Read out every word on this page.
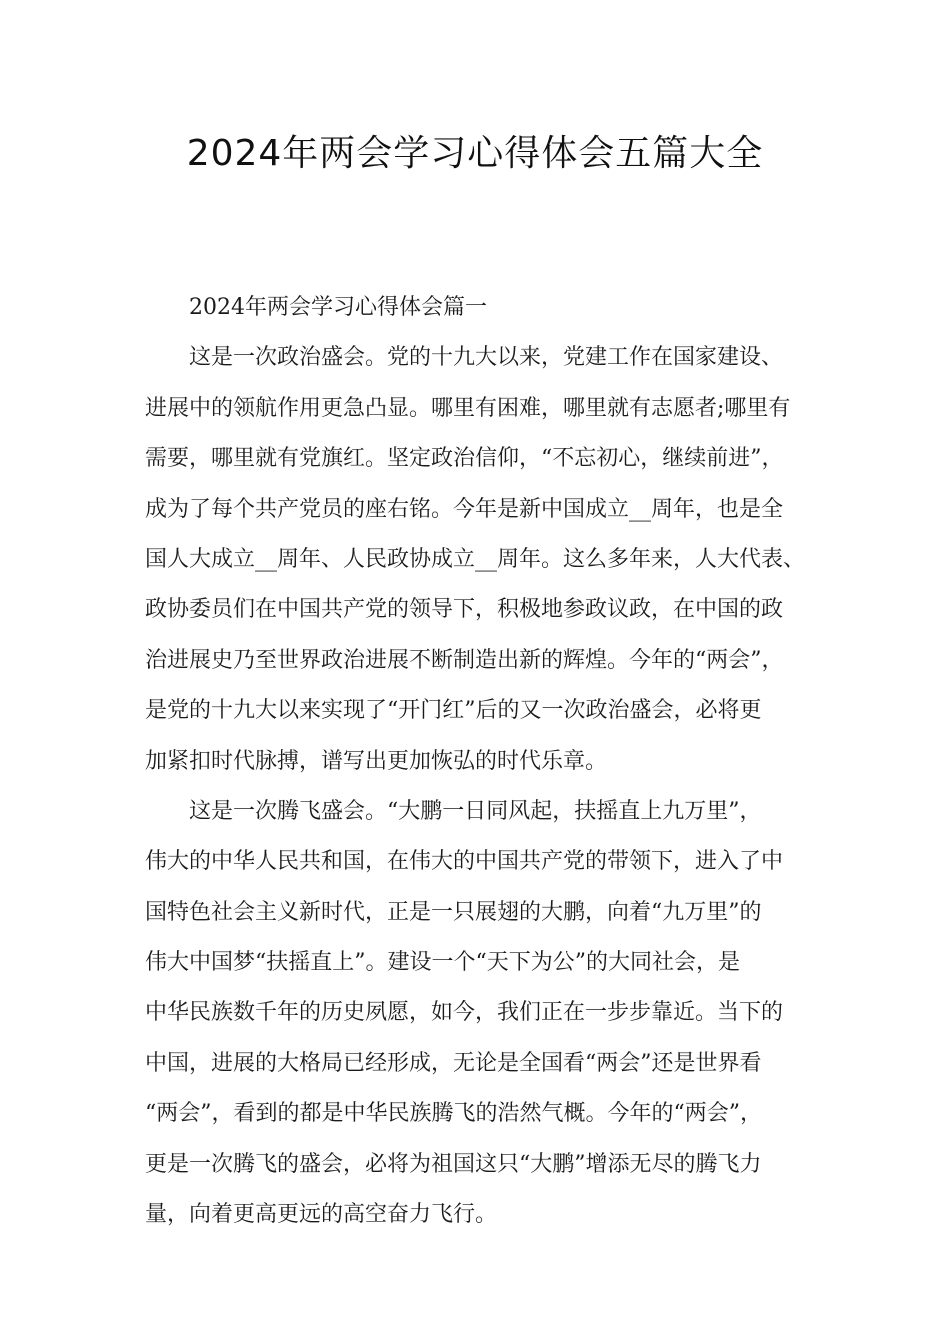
2024年两会学习心得体会五篇大全
2024年两会学习心得体会篇一
这是一次政治盛会。党的十九大以来，党建工作在国家建设、
进展中的领航作用更急凸显。哪里有困难，哪里就有志愿者;哪里有
需要，哪里就有党旗红。坚定政治信仰，“不忘初心，继续前进”，
成为了每个共产党员的座右铭。今年是新中国成立__周年，也是全
国人大成立__周年、人民政协成立__周年。这么多年来，人大代表、
政协委员们在中国共产党的领导下，积极地参政议政，在中国的政
治进展史乃至世界政治进展不断制造出新的辉煌。今年的“两会”，
是党的十九大以来实现了“开门红”后的又一次政治盛会，必将更
加紧扣时代脉搏，谱写出更加恢弘的时代乐章。
这是一次腾飞盛会。“大鹏一日同风起，扶摇直上九万里”，
伟大的中华人民共和国，在伟大的中国共产党的带领下，进入了中
国特色社会主义新时代，正是一只展翅的大鹏，向着“九万里”的
伟大中国梦“扶摇直上”。建设一个“天下为公”的大同社会，是
中华民族数千年的历史夙愿，如今，我们正在一步步靠近。当下的
中国，进展的大格局已经形成，无论是全国看“两会”还是世界看
“两会”，看到的都是中华民族腾飞的浩然气概。今年的“两会”，
更是一次腾飞的盛会，必将为祖国这只“大鹏”增添无尽的腾飞力
量，向着更高更远的高空奋力飞行。
